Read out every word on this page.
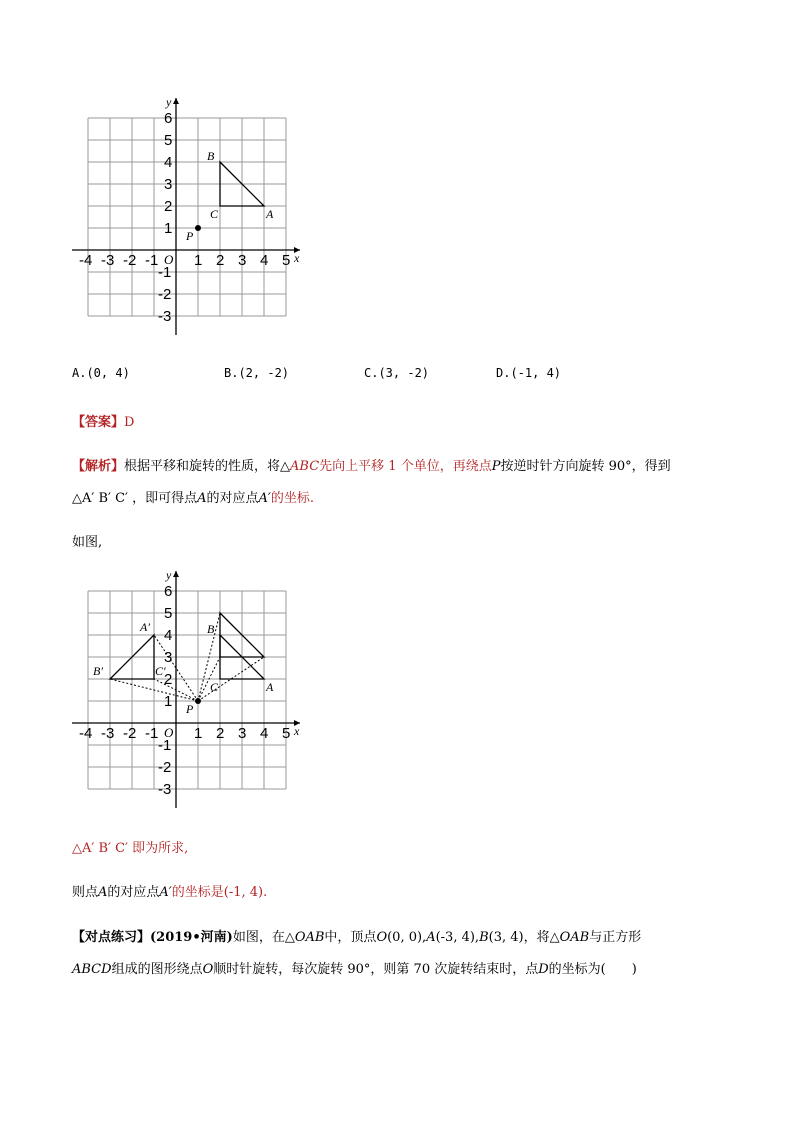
y
x
O
-4 -3 -2 -1 1 2 3 4 5
6
5
4
3
2
1
-1
-2
-3
B
C	A
P
A.(0, 4)	B.(2, -2)	C.(3, -2)	D.(-1, 4)
【答案】D
【解析】根据平移和旋转的性质，将△ABC先向上平移 1 个单位，再绕点P按逆时针方向旋转 90°，得到
△A′ B′ C′ ，即可得点A的对应点A′的坐标.
如图,
y
x
O
-4 -3 -2 -1 1 2 3 4 5
6
5
4
3
2
1
-1
-2
-3
B
C	A
P
A′
B′	C′
△A′ B′ C′ 即为所求,
则点A的对应点A′的坐标是(-1, 4).
【对点练习】(2019•河南)如图，在△OAB中，顶点O(0, 0),A(-3, 4),B(3, 4)，将△OAB与正方形
ABCD组成的图形绕点O顺时针旋转，每次旋转 90°，则第 70 次旋转结束时，点D的坐标为(　　)
